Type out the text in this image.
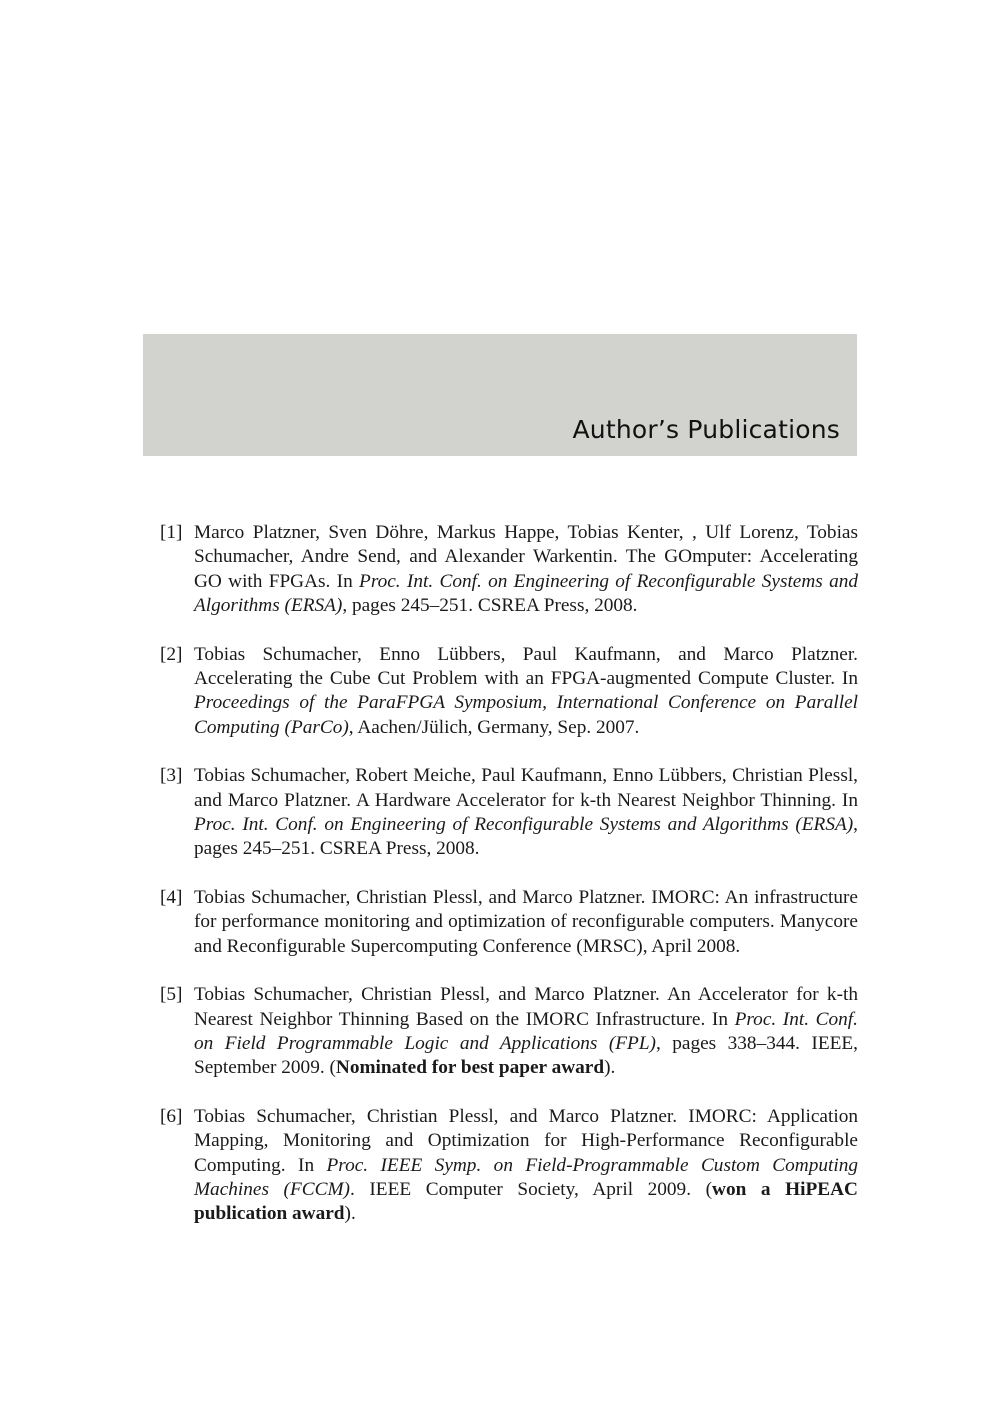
Author’s Publications
[1] Marco Platzner, Sven Döhre, Markus Happe, Tobias Kenter, , Ulf Lorenz, Tobias Schumacher, Andre Send, and Alexander Warkentin. The GOmputer: Accelerating GO with FPGAs. In Proc. Int. Conf. on Engineering of Reconfigurable Systems and Algorithms (ERSA), pages 245–251. CSREA Press, 2008.
[2] Tobias Schumacher, Enno Lübbers, Paul Kaufmann, and Marco Platzner. Accelerating the Cube Cut Problem with an FPGA-augmented Compute Cluster. In Proceedings of the ParaFPGA Symposium, International Conference on Parallel Computing (ParCo), Aachen/Jülich, Germany, Sep. 2007.
[3] Tobias Schumacher, Robert Meiche, Paul Kaufmann, Enno Lübbers, Christian Plessl, and Marco Platzner. A Hardware Accelerator for k-th Nearest Neighbor Thinning. In Proc. Int. Conf. on Engineering of Reconfigurable Systems and Algorithms (ERSA), pages 245–251. CSREA Press, 2008.
[4] Tobias Schumacher, Christian Plessl, and Marco Platzner. IMORC: An infrastructure for performance monitoring and optimization of reconfigurable computers. Manycore and Reconfigurable Supercomputing Conference (MRSC), April 2008.
[5] Tobias Schumacher, Christian Plessl, and Marco Platzner. An Accelerator for k-th Nearest Neighbor Thinning Based on the IMORC Infrastructure. In Proc. Int. Conf. on Field Programmable Logic and Applications (FPL), pages 338–344. IEEE, September 2009. (Nominated for best paper award).
[6] Tobias Schumacher, Christian Plessl, and Marco Platzner. IMORC: Application Mapping, Monitoring and Optimization for High-Performance Reconfigurable Computing. In Proc. IEEE Symp. on Field-Programmable Custom Computing Machines (FCCM). IEEE Computer Society, April 2009. (won a HiPEAC publication award).
